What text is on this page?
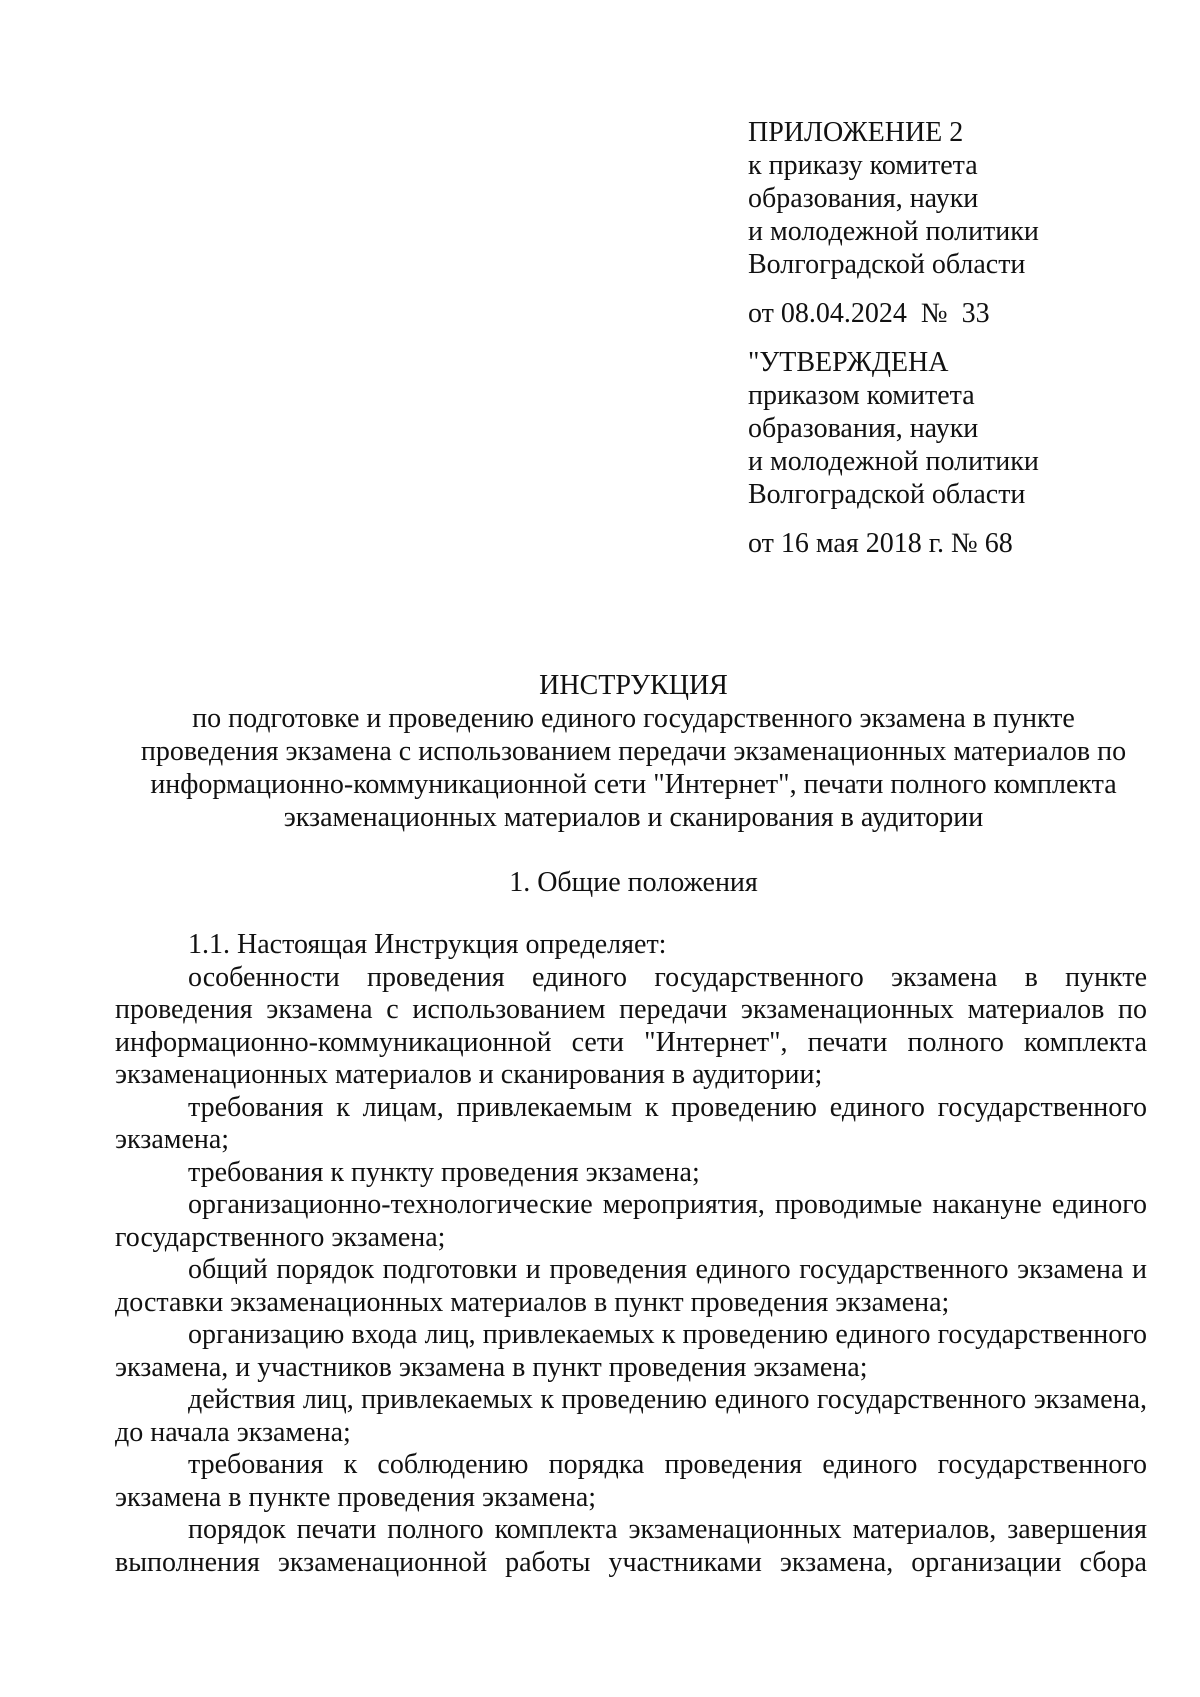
ПРИЛОЖЕНИЕ 2
к приказу комитета
образования, науки
и молодежной политики
Волгоградской области
от 08.04.2024  №  33
"УТВЕРЖДЕНА
приказом комитета
образования, науки
и молодежной политики
Волгоградской области
от 16 мая 2018 г. № 68
ИНСТРУКЦИЯ
по подготовке и проведению единого государственного экзамена в пункте
проведения экзамена с использованием передачи экзаменационных материалов по
информационно-коммуникационной сети "Интернет", печати полного комплекта
экзаменационных материалов и сканирования в аудитории
1. Общие положения

1.1. Настоящая Инструкция определяет:

особенности проведения единого государственного экзамена в пункте проведения экзамена с использованием передачи экзаменационных материалов по информационно-коммуникационной сети "Интернет", печати полного комплекта экзаменационных материалов и сканирования в аудитории;

требования к лицам, привлекаемым к проведению единого государственного экзамена;

требования к пункту проведения экзамена;

организационно-технологические мероприятия, проводимые накануне единого государственного экзамена;

общий порядок подготовки и проведения единого государственного экзамена и доставки экзаменационных материалов в пункт проведения экзамена;

организацию входа лиц, привлекаемых к проведению единого государственного экзамена, и участников экзамена в пункт проведения экзамена;

действия лиц, привлекаемых к проведению единого государственного экзамена, до начала экзамена;

требования к соблюдению порядка проведения единого государственного экзамена в пункте проведения экзамена;

порядок печати полного комплекта экзаменационных материалов, завершения выполнения экзаменационной работы участниками экзамена, организации сбора
